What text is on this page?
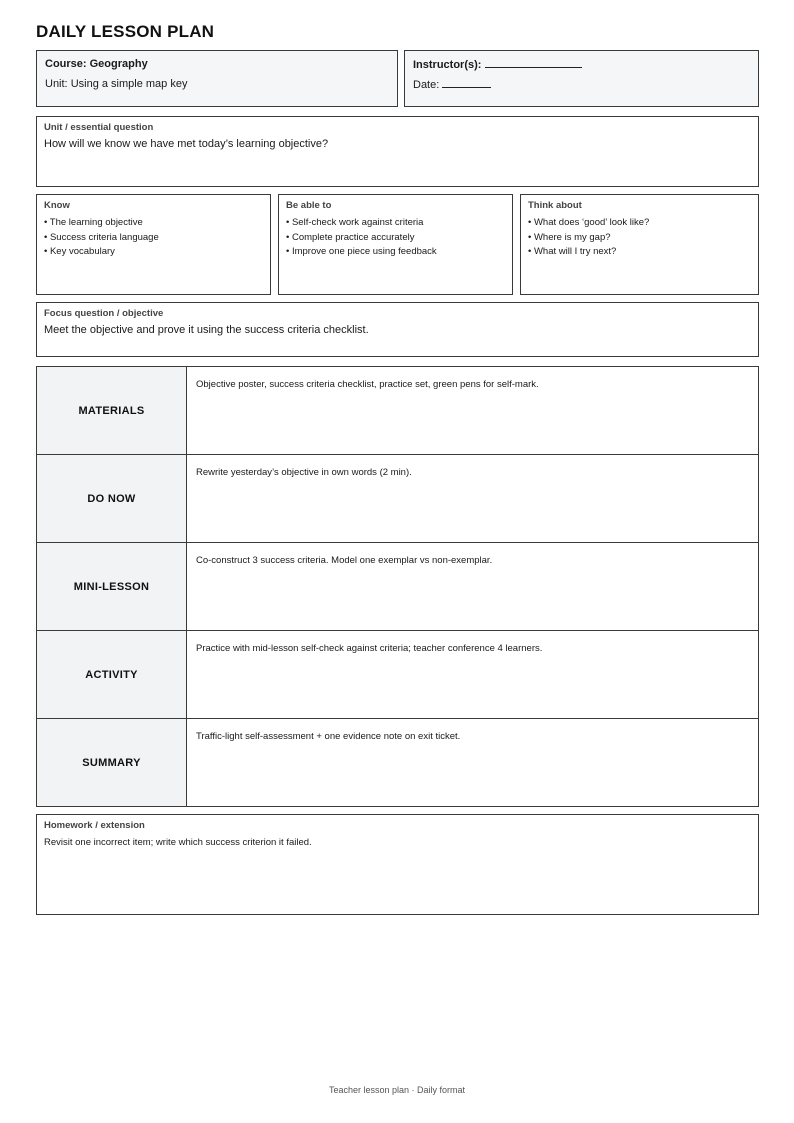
DAILY LESSON PLAN
Course: Geography
Unit: Using a simple map key
Instructor(s):
Date:
Unit / essential question
How will we know we have met today’s learning objective?
Know
• The learning objective
• Success criteria language
• Key vocabulary
Be able to
• Self-check work against criteria
• Complete practice accurately
• Improve one piece using feedback
Think about
• What does ‘good’ look like?
• Where is my gap?
• What will I try next?
Focus question / objective
Meet the objective and prove it using the success criteria checklist.
MATERIALS	Objective poster, success criteria checklist, practice set, green pens for self-mark.

DO NOW	Rewrite yesterday’s objective in own words (2 min).

MINI-LESSON	Co-construct 3 success criteria. Model one exemplar vs non-exemplar.

ACTIVITY	Practice with mid-lesson self-check against criteria; teacher conference 4 learners.

SUMMARY	Traffic-light self-assessment + one evidence note on exit ticket.
Homework / extension
Revisit one incorrect item; write which success criterion it failed.
Teacher lesson plan · Daily format
